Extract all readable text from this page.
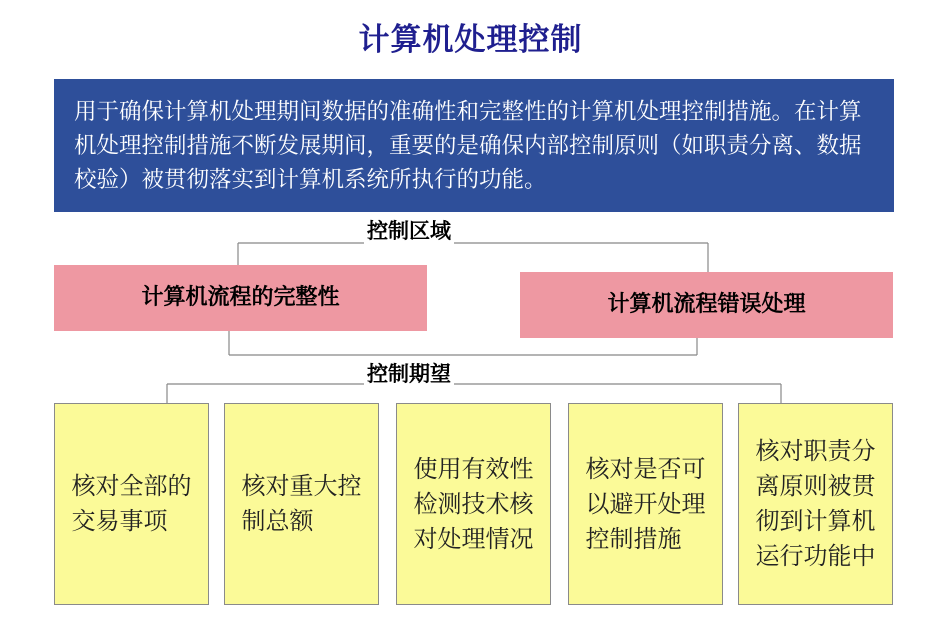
计算机处理控制
用于确保计算机处理期间数据的准确性和完整性的计算机处理控制措施。在计算机处理控制措施不断发展期间，重要的是确保内部控制原则（如职责分离、数据校验）被贯彻落实到计算机系统所执行的功能。
控制区域
计算机流程的完整性	计算机流程错误处理
控制期望
核对全部的
交易事项
核对重大控
制总额
使用有效性
检测技术核
对处理情况
核对是否可
以避开处理
控制措施
核对职责分
离原则被贯
彻到计算机
运行功能中
